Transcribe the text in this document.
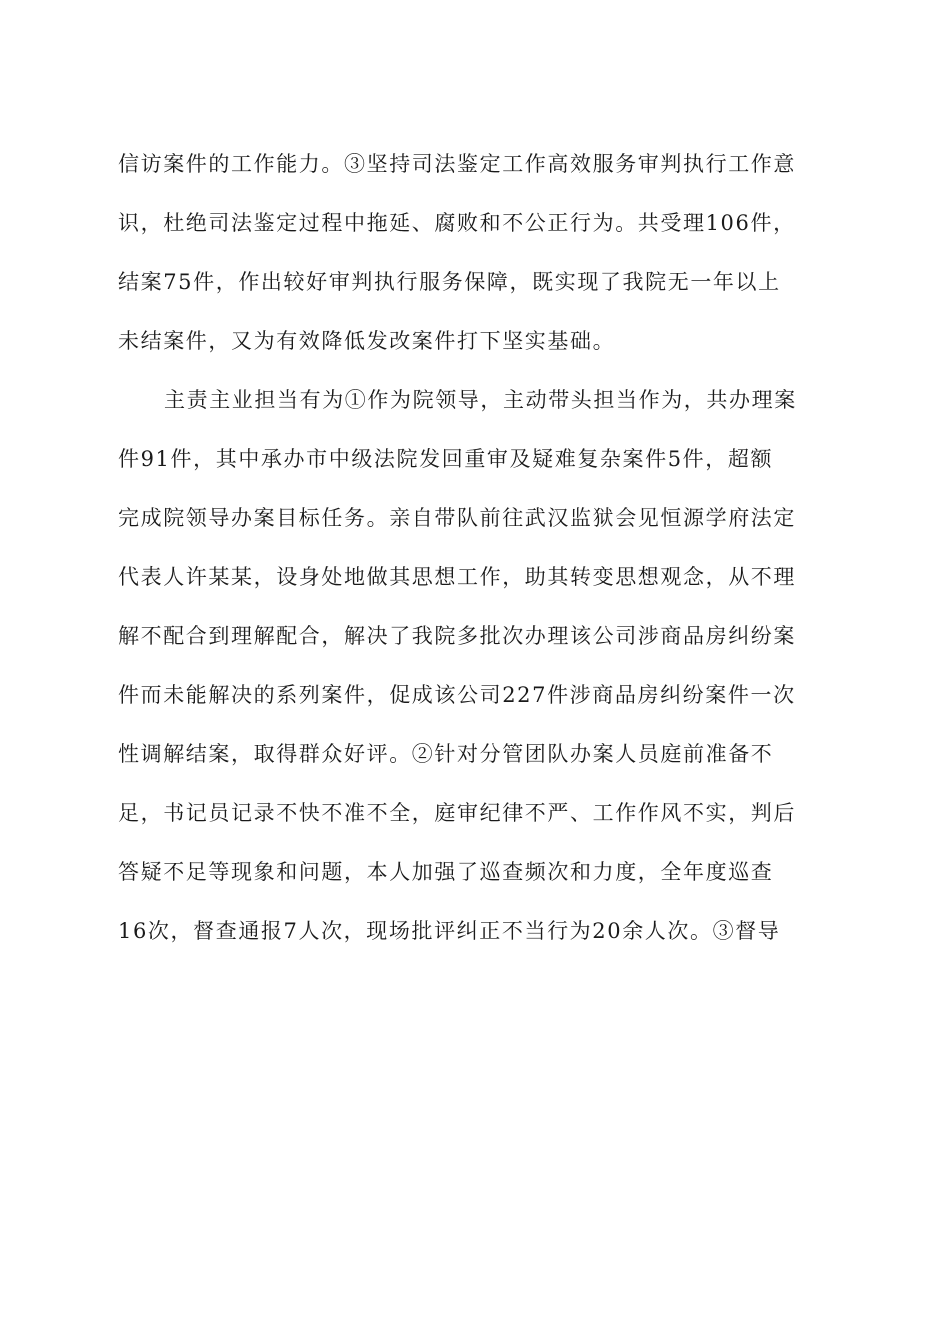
信访案件的工作能力。③坚持司法鉴定工作高效服务审判执行工作意
识，杜绝司法鉴定过程中拖延、腐败和不公正行为。共受理106件，
结案75件，作出较好审判执行服务保障，既实现了我院无一年以上
未结案件，又为有效降低发改案件打下坚实基础。
主责主业担当有为①作为院领导，主动带头担当作为，共办理案
件91件，其中承办市中级法院发回重审及疑难复杂案件5件，超额
完成院领导办案目标任务。亲自带队前往武汉监狱会见恒源学府法定
代表人许某某，设身处地做其思想工作，助其转变思想观念，从不理
解不配合到理解配合，解决了我院多批次办理该公司涉商品房纠纷案
件而未能解决的系列案件，促成该公司227件涉商品房纠纷案件一次
性调解结案，取得群众好评。②针对分管团队办案人员庭前准备不
足，书记员记录不快不准不全，庭审纪律不严、工作作风不实，判后
答疑不足等现象和问题，本人加强了巡查频次和力度，全年度巡查
16次，督查通报7人次，现场批评纠正不当行为20余人次。③督导
